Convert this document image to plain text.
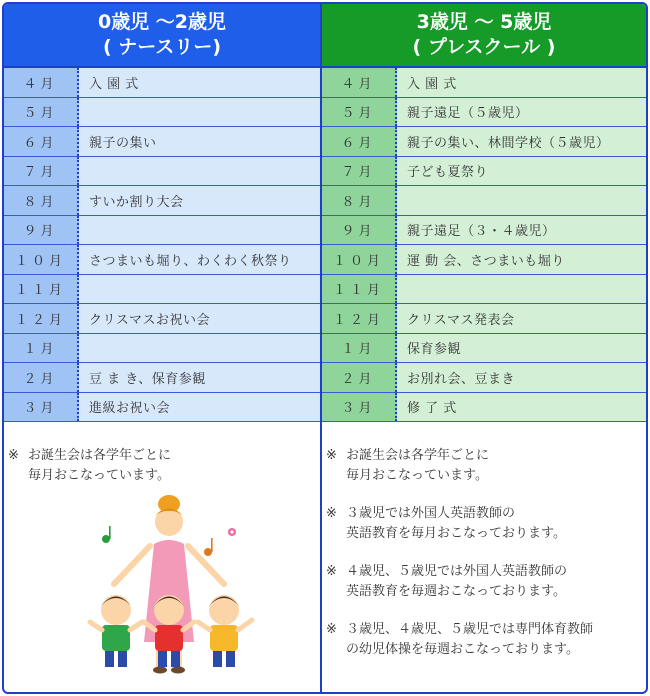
0歳児 ～2歳児
( ナースリー)
４月	入 園 式
５月
６月	親子の集い
７月
８月	すいか割り大会
９月
１０月	さつまいも堀り、わくわく秋祭り
１１月
１２月	クリスマスお祝い会
１月
２月	豆 ま き、保育参観
３月	進級お祝い会
※ お誕生会は各学年ごとに
毎月おこなっています。
3歳児 ～ 5歳児
( プレスクール )
４月	入 園 式
５月	親子遠足（５歳児）
６月	親子の集い、林間学校（５歳児）
７月	子ども夏祭り
８月
９月	親子遠足（３・４歳児）
１０月	運 動 会、さつまいも堀り
１１月
１２月	クリスマス発表会
１月	保育参観
２月	お別れ会、豆まき
３月	修 了 式
※ お誕生会は各学年ごとに
毎月おこなっています。
※ ３歳児では外国人英語教師の
英語教育を毎月おこなっております。
※ ４歳児、５歳児では外国人英語教師の
英語教育を毎週おこなっております。
※ ３歳児、４歳児、５歳児では専門体育教師
の幼児体操を毎週おこなっております。
